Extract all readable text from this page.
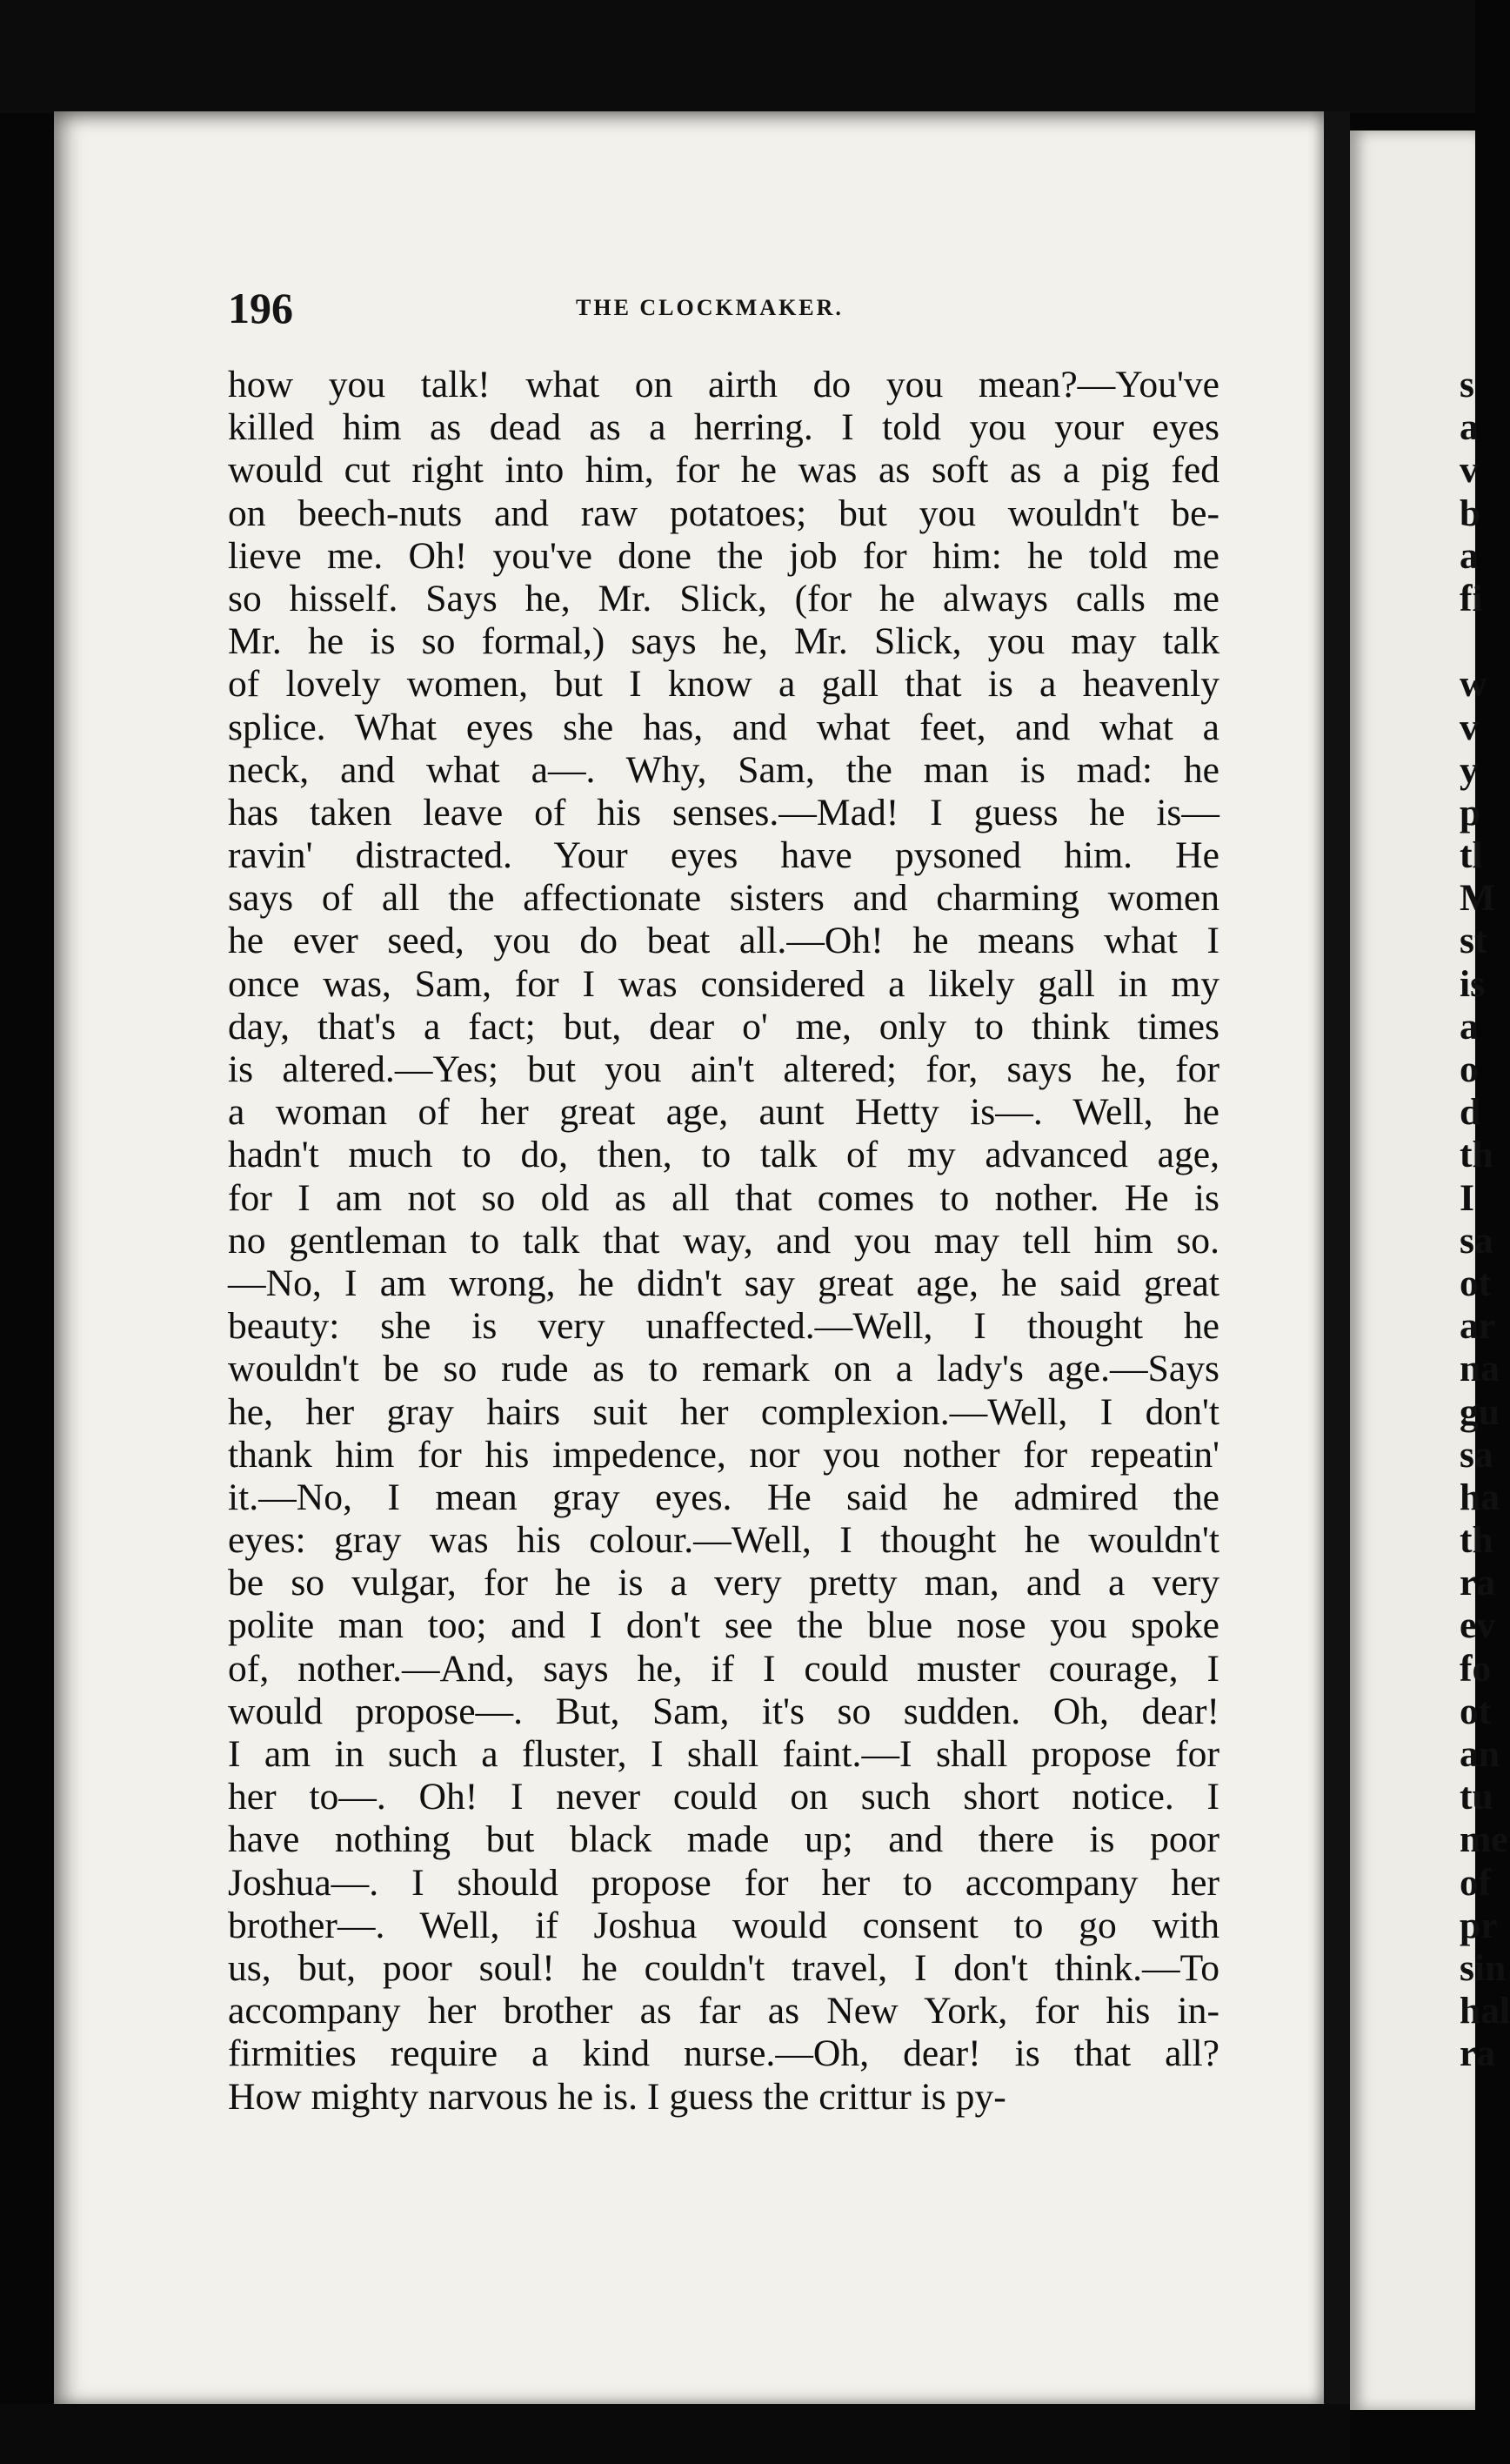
196	THE CLOCKMAKER.
how you talk! what on airth do you mean?—You've
killed him as dead as a herring. I told you your eyes
would cut right into him, for he was as soft as a pig fed
on beech-nuts and raw potatoes; but you wouldn't be-
lieve me. Oh! you've done the job for him: he told me
so hisself. Says he, Mr. Slick, (for he always calls me
Mr. he is so formal,) says he, Mr. Slick, you may talk
of lovely women, but I know a gall that is a heavenly
splice. What eyes she has, and what feet, and what a
neck, and what a—. Why, Sam, the man is mad: he
has taken leave of his senses.—Mad! I guess he is—
ravin' distracted. Your eyes have pysoned him. He
says of all the affectionate sisters and charming women
he ever seed, you do beat all.—Oh! he means what I
once was, Sam, for I was considered a likely gall in my
day, that's a fact; but, dear o' me, only to think times
is altered.—Yes; but you ain't altered; for, says he, for
a woman of her great age, aunt Hetty is—. Well, he
hadn't much to do, then, to talk of my advanced age,
for I am not so old as all that comes to nother. He is
no gentleman to talk that way, and you may tell him so.
—No, I am wrong, he didn't say great age, he said great
beauty: she is very unaffected.—Well, I thought he
wouldn't be so rude as to remark on a lady's age.—Says
he, her gray hairs suit her complexion.—Well, I don't
thank him for his impedence, nor you nother for repeatin'
it.—No, I mean gray eyes. He said he admired the
eyes: gray was his colour.—Well, I thought he wouldn't
be so vulgar, for he is a very pretty man, and a very
polite man too; and I don't see the blue nose you spoke
of, nother.—And, says he, if I could muster courage, I
would propose—. But, Sam, it's so sudden. Oh, dear!
I am in such a fluster, I shall faint.—I shall propose for
her to—. Oh! I never could on such short notice. I
have nothing but black made up; and there is poor
Joshua—. I should propose for her to accompany her
brother—. Well, if Joshua would consent to go with
us, but, poor soul! he couldn't travel, I don't think.—To
accompany her brother as far as New York, for his in-
firmities require a kind nurse.—Oh, dear! is that all?
How mighty narvous he is. I guess the crittur is py-
s
a
v
b
a
fi
w
v
y
p
tl
M
st
is
a
o
d
th
I
sa
ot
ar
na
gu
sa
ha
th
ra
ev
fo
ot
an
tu
me
of
pr
sin
hal
ra
